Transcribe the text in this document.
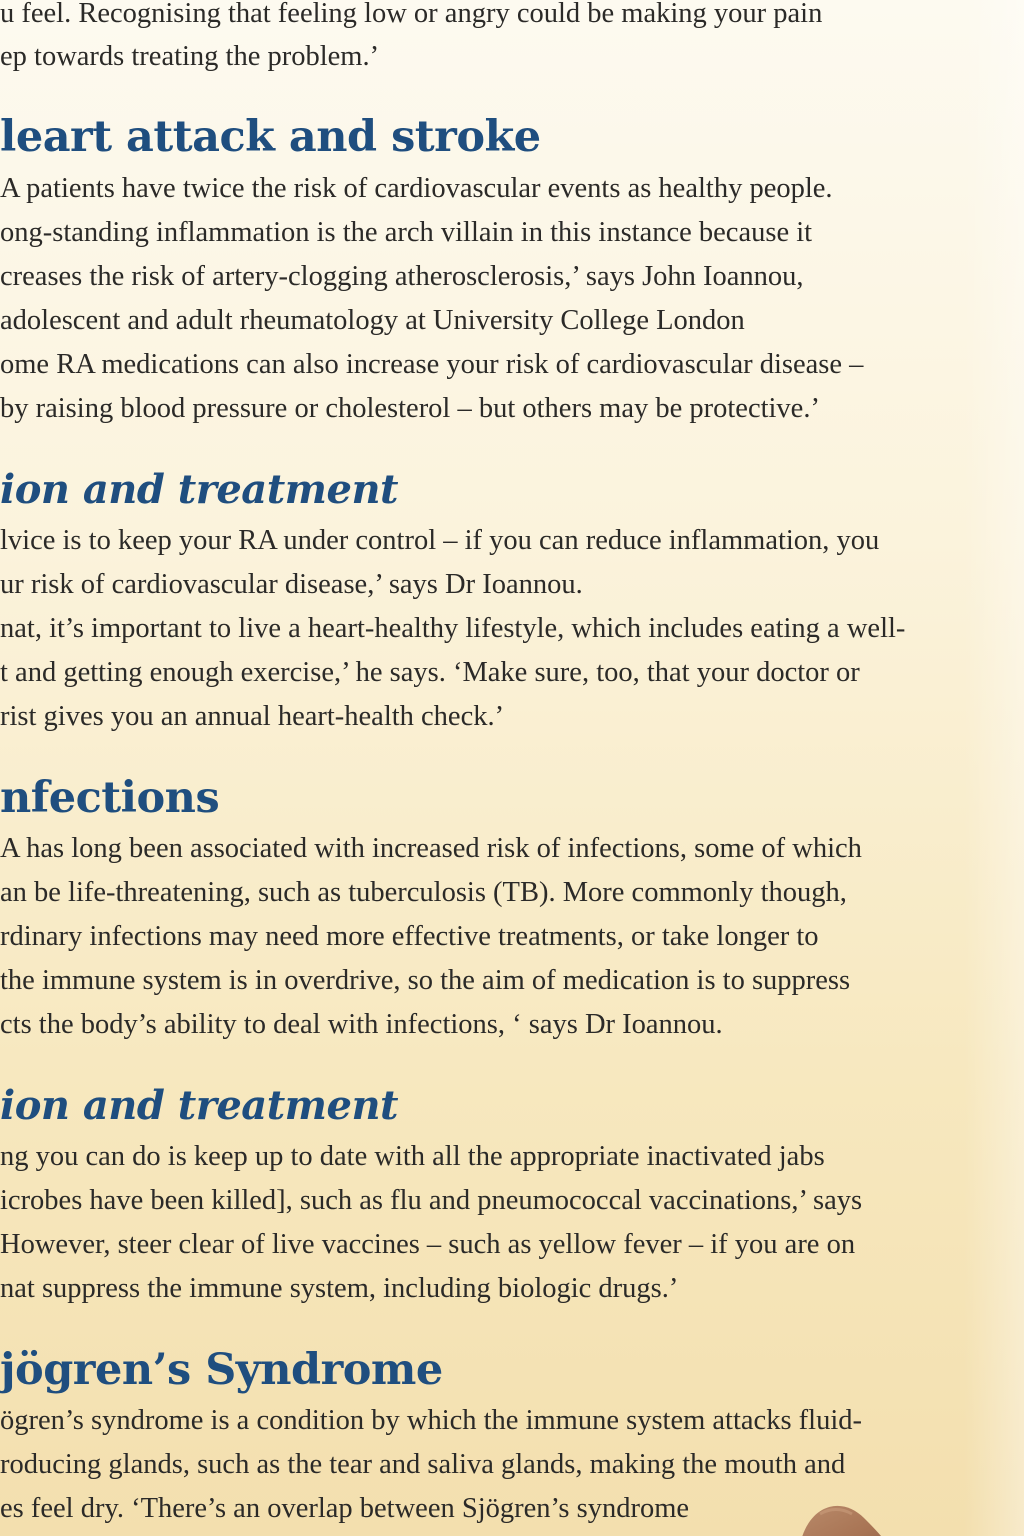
u feel. Recognising that feeling low or angry could be making your pain
ep towards treating the problem.’
leart attack and stroke
A patients have twice the risk of cardiovascular events as healthy people.
ong-standing inflammation is the arch villain in this instance because it
creases the risk of artery-clogging atherosclerosis,’ says John Ioannou,
adolescent and adult rheumatology at University College London
ome RA medications can also increase your risk of cardiovascular disease –
by raising blood pressure or cholesterol – but others may be protective.’
ion and treatment
lvice is to keep your RA under control – if you can reduce inflammation, you
ur risk of cardiovascular disease,’ says Dr Ioannou.
nat, it’s important to live a heart-healthy lifestyle, which includes eating a well-
t and getting enough exercise,’ he says. ‘Make sure, too, that your doctor or
rist gives you an annual heart-health check.’
nfections
A has long been associated with increased risk of infections, some of which
an be life-threatening, such as tuberculosis (TB). More commonly though,
rdinary infections may need more effective treatments, or take longer to
the immune system is in overdrive, so the aim of medication is to suppress
cts the body’s ability to deal with infections, ‘ says Dr Ioannou.
ion and treatment
ng you can do is keep up to date with all the appropriate inactivated jabs
icrobes have been killed], such as flu and pneumococcal vaccinations,’ says
However, steer clear of live vaccines – such as yellow fever – if you are on
nat suppress the immune system, including biologic drugs.’
jögren’s Syndrome
ögren’s syndrome is a condition by which the immune system attacks fluid-
roducing glands, such as the tear and saliva glands, making the mouth and
es feel dry. ‘There’s an overlap between Sjögren’s syndrome
